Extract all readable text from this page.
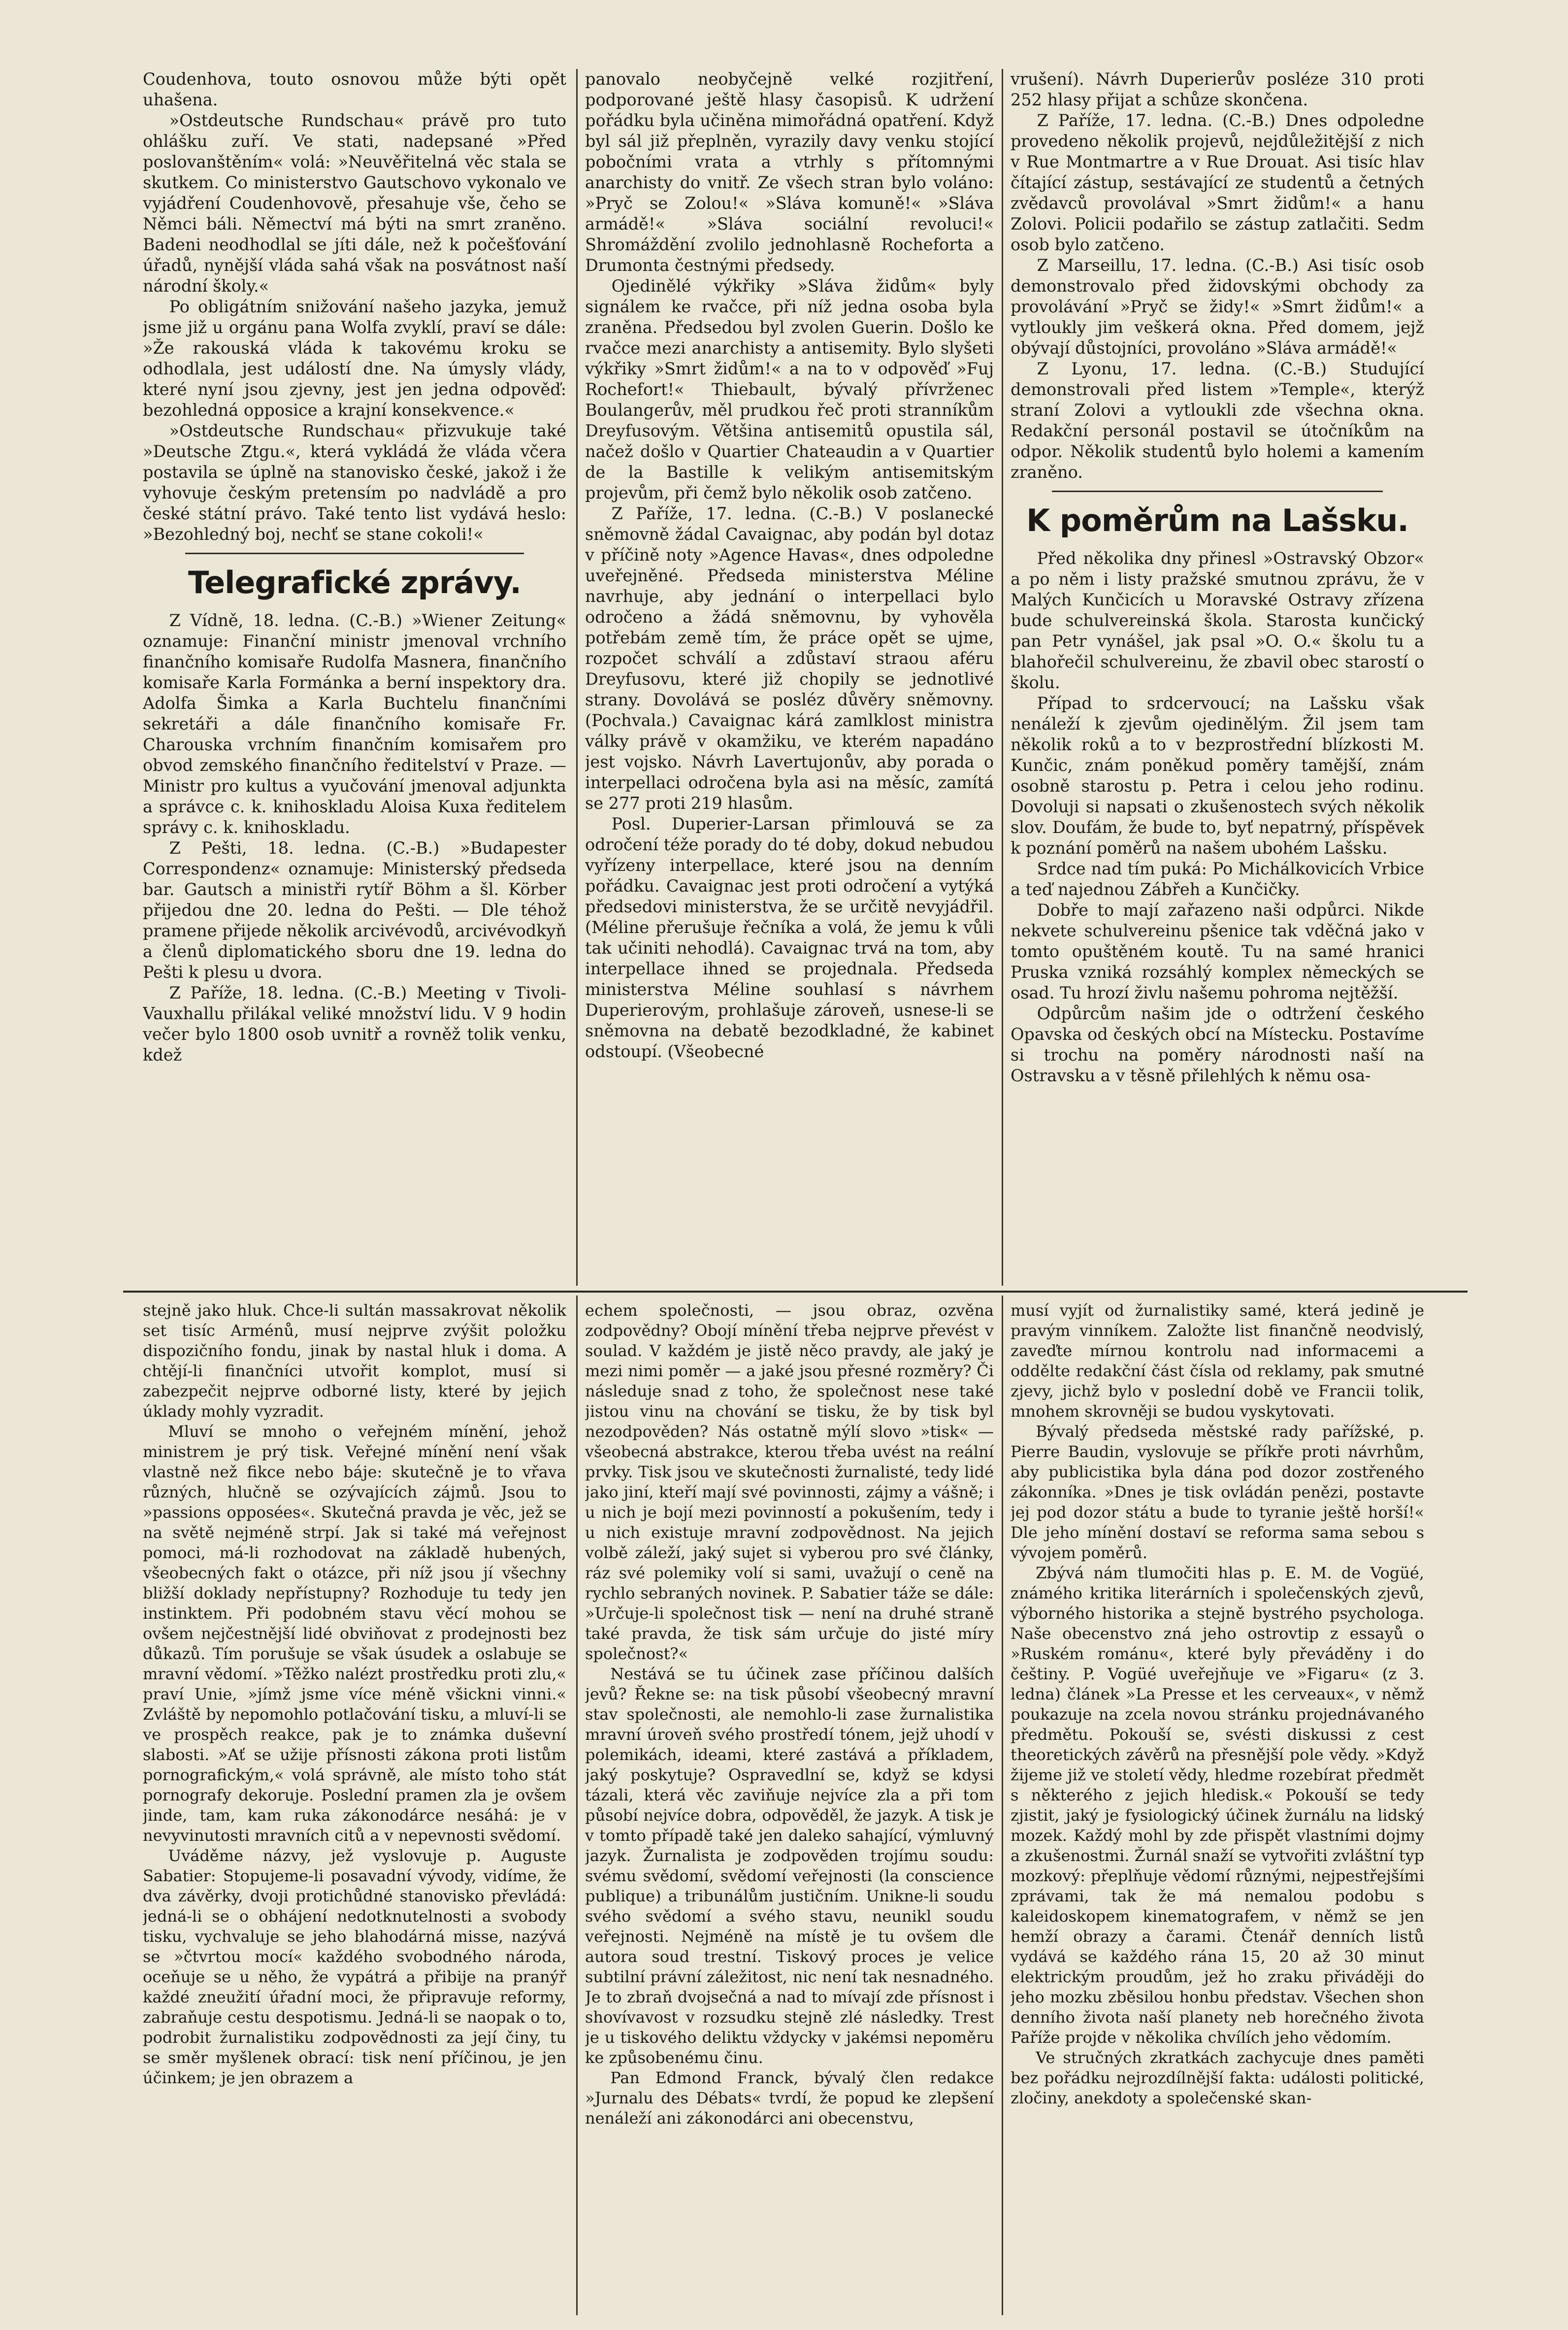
Coudenhova, touto osnovou může býti opět uhašena.

»Ostdeutsche Rundschau« právě pro tuto ohlášku zuří. Ve stati, nadepsané »Před poslovanštěním« volá: »Neuvěřitelná věc stala se skutkem. Co ministerstvo Gautschovo vykonalo ve vyjádření Coudenhovově, přesahuje vše, čeho se Němci báli. Němectví má býti na smrt zraněno. Badeni neodhodlal se jíti dále, než k počešťování úřadů, nynější vláda sahá však na posvátnost naší národní školy.«

Po obligátním snižování našeho jazyka, jemuž jsme již u orgánu pana Wolfa zvyklí, praví se dále: »Že rakouská vláda k takovému kroku se odhodlala, jest událostí dne. Na úmysly vlády, které nyní jsou zjevny, jest jen jedna odpověď: bezohledná opposice a krajní konsekvence.«

»Ostdeutsche Rundschau« přizvukuje také »Deutsche Ztgu.«, která vykládá že vláda včera postavila se úplně na stanovisko české, jakož i že vyhovuje českým pretensím po nadvládě a pro české státní právo. Také tento list vydává heslo: »Bezohledný boj, nechť se stane cokoli!«

Telegrafické zprávy.

Z Vídně, 18. ledna. (C.-B.) »Wiener Zeitung« oznamuje: Finanční ministr jmenoval vrchního finančního komisaře Rudolfa Masnera, finančního komisaře Karla Formánka a berní inspektory dra. Adolfa Šimka a Karla Buchtelu finančními sekretáři a dále finančního komisaře Fr. Charouska vrchním finančním komisařem pro obvod zemského finančního ředitelství v Praze. — Ministr pro kultus a vyučování jmenoval adjunkta a správce c. k. knihoskladu Aloisa Kuxa ředitelem správy c. k. knihoskladu.

Z Pešti, 18. ledna. (C.-B.) »Budapester Correspondenz« oznamuje: Ministerský předseda bar. Gautsch a ministři rytíř Böhm a šl. Körber přijedou dne 20. ledna do Pešti. — Dle téhož pramene přijede několik arcivévodů, arcivévodkyň a členů diplomatického sboru dne 19. ledna do Pešti k plesu u dvora.

Z Paříže, 18. ledna. (C.-B.) Meeting v Tivoli-Vauxhallu přilákal veliké množství lidu. V 9 hodin večer bylo 1800 osob uvnitř a rovněž tolik venku, kdež

panovalo neobyčejně velké rozjitření, podporované ještě hlasy časopisů. K udržení pořádku byla učiněna mimořádná opatření. Když byl sál již přeplněn, vyrazily davy venku stojící pobočními vrata a vtrhly s přítomnými anarchisty do vnitř. Ze všech stran bylo voláno: »Pryč se Zolou!« »Sláva komuně!« »Sláva armádě!« »Sláva sociální revoluci!« Shromáždění zvolilo jednohlasně Rocheforta a Drumonta čestnými předsedy.

Ojedinělé výkřiky »Sláva židům« byly signálem ke rvačce, při níž jedna osoba byla zraněna. Předsedou byl zvolen Guerin. Došlo ke rvačce mezi anarchisty a antisemity. Bylo slyšeti výkřiky »Smrt židům!« a na to v odpověď »Fuj Rochefort!« Thiebault, bývalý přívrženec Boulangerův, měl prudkou řeč proti stranníkům Dreyfusovým. Většina antisemitů opustila sál, načež došlo v Quartier Chateaudin a v Quartier de la Bastille k velikým antisemitským projevům, při čemž bylo několik osob zatčeno.

Z Paříže, 17. ledna. (C.-B.) V poslanecké sněmovně žádal Cavaignac, aby podán byl dotaz v příčině noty »Agence Havas«, dnes odpoledne uveřejněné. Předseda ministerstva Méline navrhuje, aby jednání o interpellaci bylo odročeno a žádá sněmovnu, by vyhověla potřebám země tím, že práce opět se ujme, rozpočet schválí a zdůstaví straou aféru Dreyfusovu, které již chopily se jednotlivé strany. Dovolává se posléz důvěry sněmovny. (Pochvala.) Cavaignac kárá zamlklost ministra války právě v okamžiku, ve kterém napadáno jest vojsko. Návrh Lavertujonův, aby porada o interpellaci odročena byla asi na měsíc, zamítá se 277 proti 219 hlasům.

Posl. Duperier-Larsan přimlouvá se za odročení téže porady do té doby, dokud nebudou vyřízeny interpellace, které jsou na denním pořádku. Cavaignac jest proti odročení a vytýká předsedovi ministerstva, že se určitě nevyjádřil. (Méline přerušuje řečníka a volá, že jemu k vůli tak učiniti nehodlá). Cavaignac trvá na tom, aby interpellace ihned se projednala. Předseda ministerstva Méline souhlasí s návrhem Duperierovým, prohlašuje zároveň, usnese-li se sněmovna na debatě bezodkladné, že kabinet odstoupí. (Všeobecné

vrušení). Návrh Duperierův posléze 310 proti 252 hlasy přijat a schůze skončena.

Z Paříže, 17. ledna. (C.-B.) Dnes odpoledne provedeno několik projevů, nejdůležitější z nich v Rue Montmartre a v Rue Drouat. Asi tisíc hlav čítající zástup, sestávající ze studentů a četných zvědavců provolával »Smrt židům!« a hanu Zolovi. Policii podařilo se zástup zatlačiti. Sedm osob bylo zatčeno.

Z Marseillu, 17. ledna. (C.-B.) Asi tisíc osob demonstrovalo před židovskými obchody za provolávání »Pryč se židy!« »Smrt židům!« a vytloukly jim veškerá okna. Před domem, jejž obývají důstojníci, provoláno »Sláva armádě!«

Z Lyonu, 17. ledna. (C.-B.) Studující demonstrovali před listem »Temple«, kterýž straní Zolovi a vytloukli zde všechna okna. Redakční personál postavil se útočníkům na odpor. Několik studentů bylo holemi a kamením zraněno.

K poměrům na Lašsku.

Před několika dny přinesl »Ostravský Obzor« a po něm i listy pražské smutnou zprávu, že v Malých Kunčicích u Moravské Ostravy zřízena bude schulvereinská škola. Starosta kunčický pan Petr vynášel, jak psal »O. O.« školu tu a blahořečil schulvereinu, že zbavil obec starostí o školu.

Případ to srdcervoucí; na Lašsku však nenáleží k zjevům ojedinělým. Žil jsem tam několik roků a to v bezprostřední blízkosti M. Kunčic, znám poněkud poměry tamější, znám osobně starostu p. Petra i celou jeho rodinu. Dovoluji si napsati o zkušenostech svých několik slov. Doufám, že bude to, byť nepatrný, příspěvek k poznání poměrů na našem ubohém Lašsku.

Srdce nad tím puká: Po Michálkovicích Vrbice a teď najednou Zábřeh a Kunčičky.

Dobře to mají zařazeno naši odpůrci. Nikde nekvete schulvereinu pšenice tak vděčná jako v tomto opuštěném koutě. Tu na samé hranici Pruska vzniká rozsáhlý komplex německých se osad. Tu hrozí živlu našemu pohroma nejtěžší.

Odpůrcům našim jde o odtržení českého Opavska od českých obcí na Místecku. Postavíme si trochu na poměry národnosti naší na Ostravsku a v těsně přilehlých k němu osa-

stejně jako hluk. Chce-li sultán massakrovat několik set tisíc Arménů, musí nejprve zvýšit položku dispozičního fondu, jinak by nastal hluk i doma. A chtějí-li finančníci utvořit komplot, musí si zabezpečit nejprve odborné listy, které by jejich úklady mohly vyzradit.

Mluví se mnoho o veřejném mínění, jehož ministrem je prý tisk. Veřejné mínění není však vlastně než fikce nebo báje: skutečně je to vřava různých, hlučně se ozývajících zájmů. Jsou to »passions opposées«. Skutečná pravda je věc, jež se na světě nejméně strpí. Jak si také má veřejnost pomoci, má-li rozhodovat na základě hubených, všeobecných fakt o otázce, při níž jsou jí všechny bližší doklady nepřístupny? Rozhoduje tu tedy jen instinktem. Při podobném stavu věcí mohou se ovšem nejčestnější lidé obviňovat z prodejnosti bez důkazů. Tím porušuje se však úsudek a oslabuje se mravní vědomí. »Těžko nalézt prostředku proti zlu,« praví Unie, »jímž jsme více méně všickni vinni.« Zvláště by nepomohlo potlačování tisku, a mluví-li se ve prospěch reakce, pak je to známka duševní slabosti. »Ať se užije přísnosti zákona proti listům pornografickým,« volá správně, ale místo toho stát pornografy dekoruje. Poslední pramen zla je ovšem jinde, tam, kam ruka zákonodárce nesáhá: je v nevyvinutosti mravních citů a v nepevnosti svědomí.

Uváděme názvy, jež vyslovuje p. Auguste Sabatier: Stopujeme-li posavadní vývody, vidíme, že dva závěrky, dvoji protichůdné stanovisko převládá: jedná-li se o obhájení nedotknutelnosti a svobody tisku, vychvaluje se jeho blahodárná misse, nazývá se »čtvrtou mocí« každého svobodného národa, oceňuje se u něho, že vypátrá a přibije na pranýř každé zneužití úřadní moci, že připravuje reformy, zabraňuje cestu despotismu. Jedná-li se naopak o to, podrobit žurnalistiku zodpovědnosti za její činy, tu se směr myšlenek obrací: tisk není příčinou, je jen účinkem; je jen obrazem a

echem společnosti, — jsou obraz, ozvěna zodpovědny? Obojí mínění třeba nejprve převést v soulad. V každém je jistě něco pravdy, ale jaký je mezi nimi poměr — a jaké jsou přesné rozměry? Či následuje snad z toho, že společnost nese také jistou vinu na chování se tisku, že by tisk byl nezodpověden? Nás ostatně mýlí slovo »tisk« — všeobecná abstrakce, kterou třeba uvést na reální prvky. Tisk jsou ve skutečnosti žurnalisté, tedy lidé jako jiní, kteří mají své povinnosti, zájmy a vášně; i u nich je bojí mezi povinností a pokušením, tedy i u nich existuje mravní zodpovědnost. Na jejich volbě záleží, jaký sujet si vyberou pro své články, ráz své polemiky volí si sami, uvažují o ceně na rychlo sebraných novinek. P. Sabatier táže se dále: »Určuje-li společnost tisk — není na druhé straně také pravda, že tisk sám určuje do jisté míry společnost?«

Nestává se tu účinek zase příčinou dalších jevů? Řekne se: na tisk působí všeobecný mravní stav společnosti, ale nemohlo-li zase žurnalistika mravní úroveň svého prostředí tónem, jejž uhodí v polemikách, ideami, které zastává a příkladem, jaký poskytuje? Ospravedlní se, když se kdysi tázali, která věc zaviňuje nejvíce zla a při tom působí nejvíce dobra, odpověděl, že jazyk. A tisk je v tomto případě také jen daleko sahající, výmluvný jazyk. Žurnalista je zodpověden trojímu soudu: svému svědomí, svědomí veřejnosti (la conscience publique) a tribunálům justičním. Unikne-li soudu svého svědomí a svého stavu, neunikl soudu veřejnosti. Nejméně na místě je tu ovšem dle autora soud trestní. Tiskový proces je velice subtilní právní záležitost, nic není tak nesnadného. Je to zbraň dvojsečná a nad to mívají zde přísnost i shovívavost v rozsudku stejně zlé následky. Trest je u tiskového deliktu vždycky v jakémsi nepoměru ke způsobenému činu.

Pan Edmond Franck, bývalý člen redakce »Jurnalu des Débats« tvrdí, že popud ke zlepšení nenáleží ani zákonodárci ani obecenstvu,

musí vyjít od žurnalistiky samé, která jedině je pravým vinníkem. Založte list finančně neodvislý, zaveďte mírnou kontrolu nad informacemi a oddělte redakční část čísla od reklamy, pak smutné zjevy, jichž bylo v poslední době ve Francii tolik, mnohem skrovněji se budou vyskytovati.

Bývalý předseda městské rady pařížské, p. Pierre Baudin, vyslovuje se příkře proti návrhům, aby publicistika byla dána pod dozor zostřeného zákonníka. »Dnes je tisk ovládán penězi, postavte jej pod dozor státu a bude to tyranie ještě horší!« Dle jeho mínění dostaví se reforma sama sebou s vývojem poměrů.

Zbývá nám tlumočiti hlas p. E. M. de Vogüé, známého kritika literárních i společenských zjevů, výborného historika a stejně bystrého psychologa. Naše obecenstvo zná jeho ostrovtip z essayů o »Ruském románu«, které byly převáděny i do češtiny. P. Vogüé uveřejňuje ve »Figaru« (z 3. ledna) článek »La Presse et les cerveaux«, v němž poukazuje na zcela novou stránku projednávaného předmětu. Pokouší se, svésti diskussi z cest theoretických závěrů na přesnější pole vědy. »Když žijeme již ve století vědy, hledme rozebírat předmět s některého z jejich hledisk.« Pokouší se tedy zjistit, jaký je fysiologický účinek žurnálu na lidský mozek. Každý mohl by zde přispět vlastními dojmy a zkušenostmi. Žurnál snaží se vytvořiti zvláštní typ mozkový: přeplňuje vědomí různými, nejpestřejšími zprávami, tak že má nemalou podobu s kaleidoskopem kinematografem, v němž se jen hemží obrazy a čarami. Čtenář denních listů vydává se každého rána 15, 20 až 30 minut elektrickým proudům, jež ho zraku přiváději do jeho mozku zběsilou honbu představ. Všechen shon denního života naší planety neb horečného života Paříže projde v několika chvílích jeho vědomím.

Ve stručných zkratkách zachycuje dnes paměti bez pořádku nejrozdílnější fakta: události politické, zločiny, anekdoty a společenské skan-
